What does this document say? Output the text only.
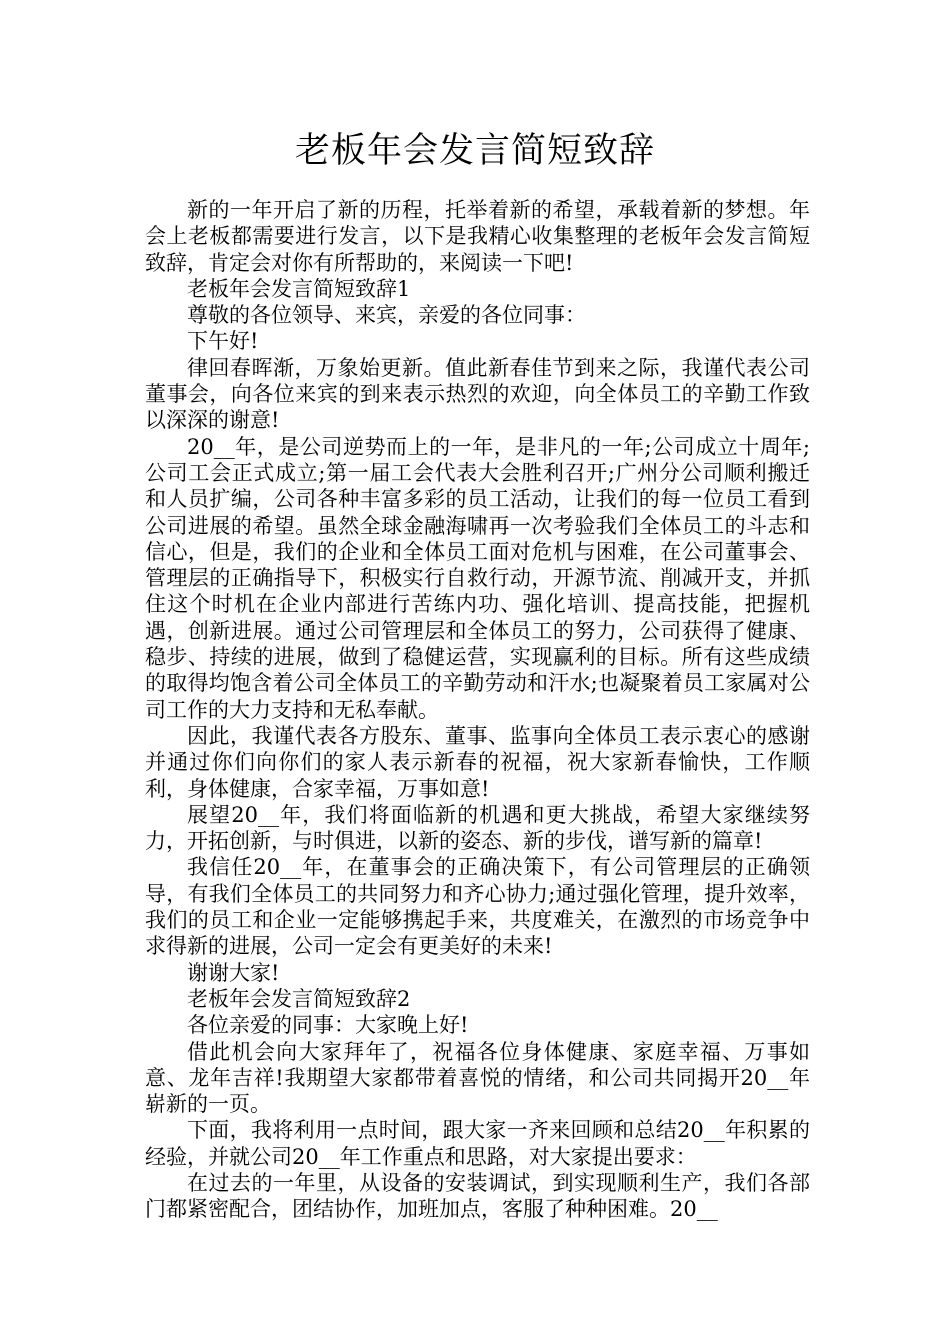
老板年会发言简短致辞

新的一年开启了新的历程，托举着新的希望，承载着新的梦想。年会上老板都需要进行发言，以下是我精心收集整理的老板年会发言简短致辞，肯定会对你有所帮助的，来阅读一下吧!

老板年会发言简短致辞1

尊敬的各位领导、来宾，亲爱的各位同事：

下午好!

律回春晖渐，万象始更新。值此新春佳节到来之际，我谨代表公司董事会，向各位来宾的到来表示热烈的欢迎，向全体员工的辛勤工作致以深深的谢意!

20__年，是公司逆势而上的一年，是非凡的一年;公司成立十周年;公司工会正式成立;第一届工会代表大会胜利召开;广州分公司顺利搬迁和人员扩编，公司各种丰富多彩的员工活动，让我们的每一位员工看到公司进展的希望。虽然全球金融海啸再一次考验我们全体员工的斗志和信心，但是，我们的企业和全体员工面对危机与困难，在公司董事会、管理层的正确指导下，积极实行自救行动，开源节流、削减开支，并抓住这个时机在企业内部进行苦练内功、强化培训、提高技能，把握机遇，创新进展。通过公司管理层和全体员工的努力，公司获得了健康、稳步、持续的进展，做到了稳健运营，实现赢利的目标。所有这些成绩的取得均饱含着公司全体员工的辛勤劳动和汗水;也凝聚着员工家属对公司工作的大力支持和无私奉献。

因此，我谨代表各方股东、董事、监事向全体员工表示衷心的感谢并通过你们向你们的家人表示新春的祝福，祝大家新春愉快，工作顺利，身体健康，合家幸福，万事如意!

展望20__年，我们将面临新的机遇和更大挑战，希望大家继续努力，开拓创新，与时俱进，以新的姿态、新的步伐，谱写新的篇章!

我信任20__年，在董事会的正确决策下，有公司管理层的正确领导，有我们全体员工的共同努力和齐心协力;通过强化管理，提升效率，我们的员工和企业一定能够携起手来，共度难关，在激烈的市场竞争中求得新的进展，公司一定会有更美好的未来!

谢谢大家!

老板年会发言简短致辞2

各位亲爱的同事：大家晚上好!

借此机会向大家拜年了，祝福各位身体健康、家庭幸福、万事如意、龙年吉祥!我期望大家都带着喜悦的情绪，和公司共同揭开20__年崭新的一页。

下面，我将利用一点时间，跟大家一齐来回顾和总结20__年积累的经验，并就公司20__年工作重点和思路，对大家提出要求：

在过去的一年里，从设备的安装调试，到实现顺利生产，我们各部门都紧密配合，团结协作，加班加点，客服了种种困难。20__
